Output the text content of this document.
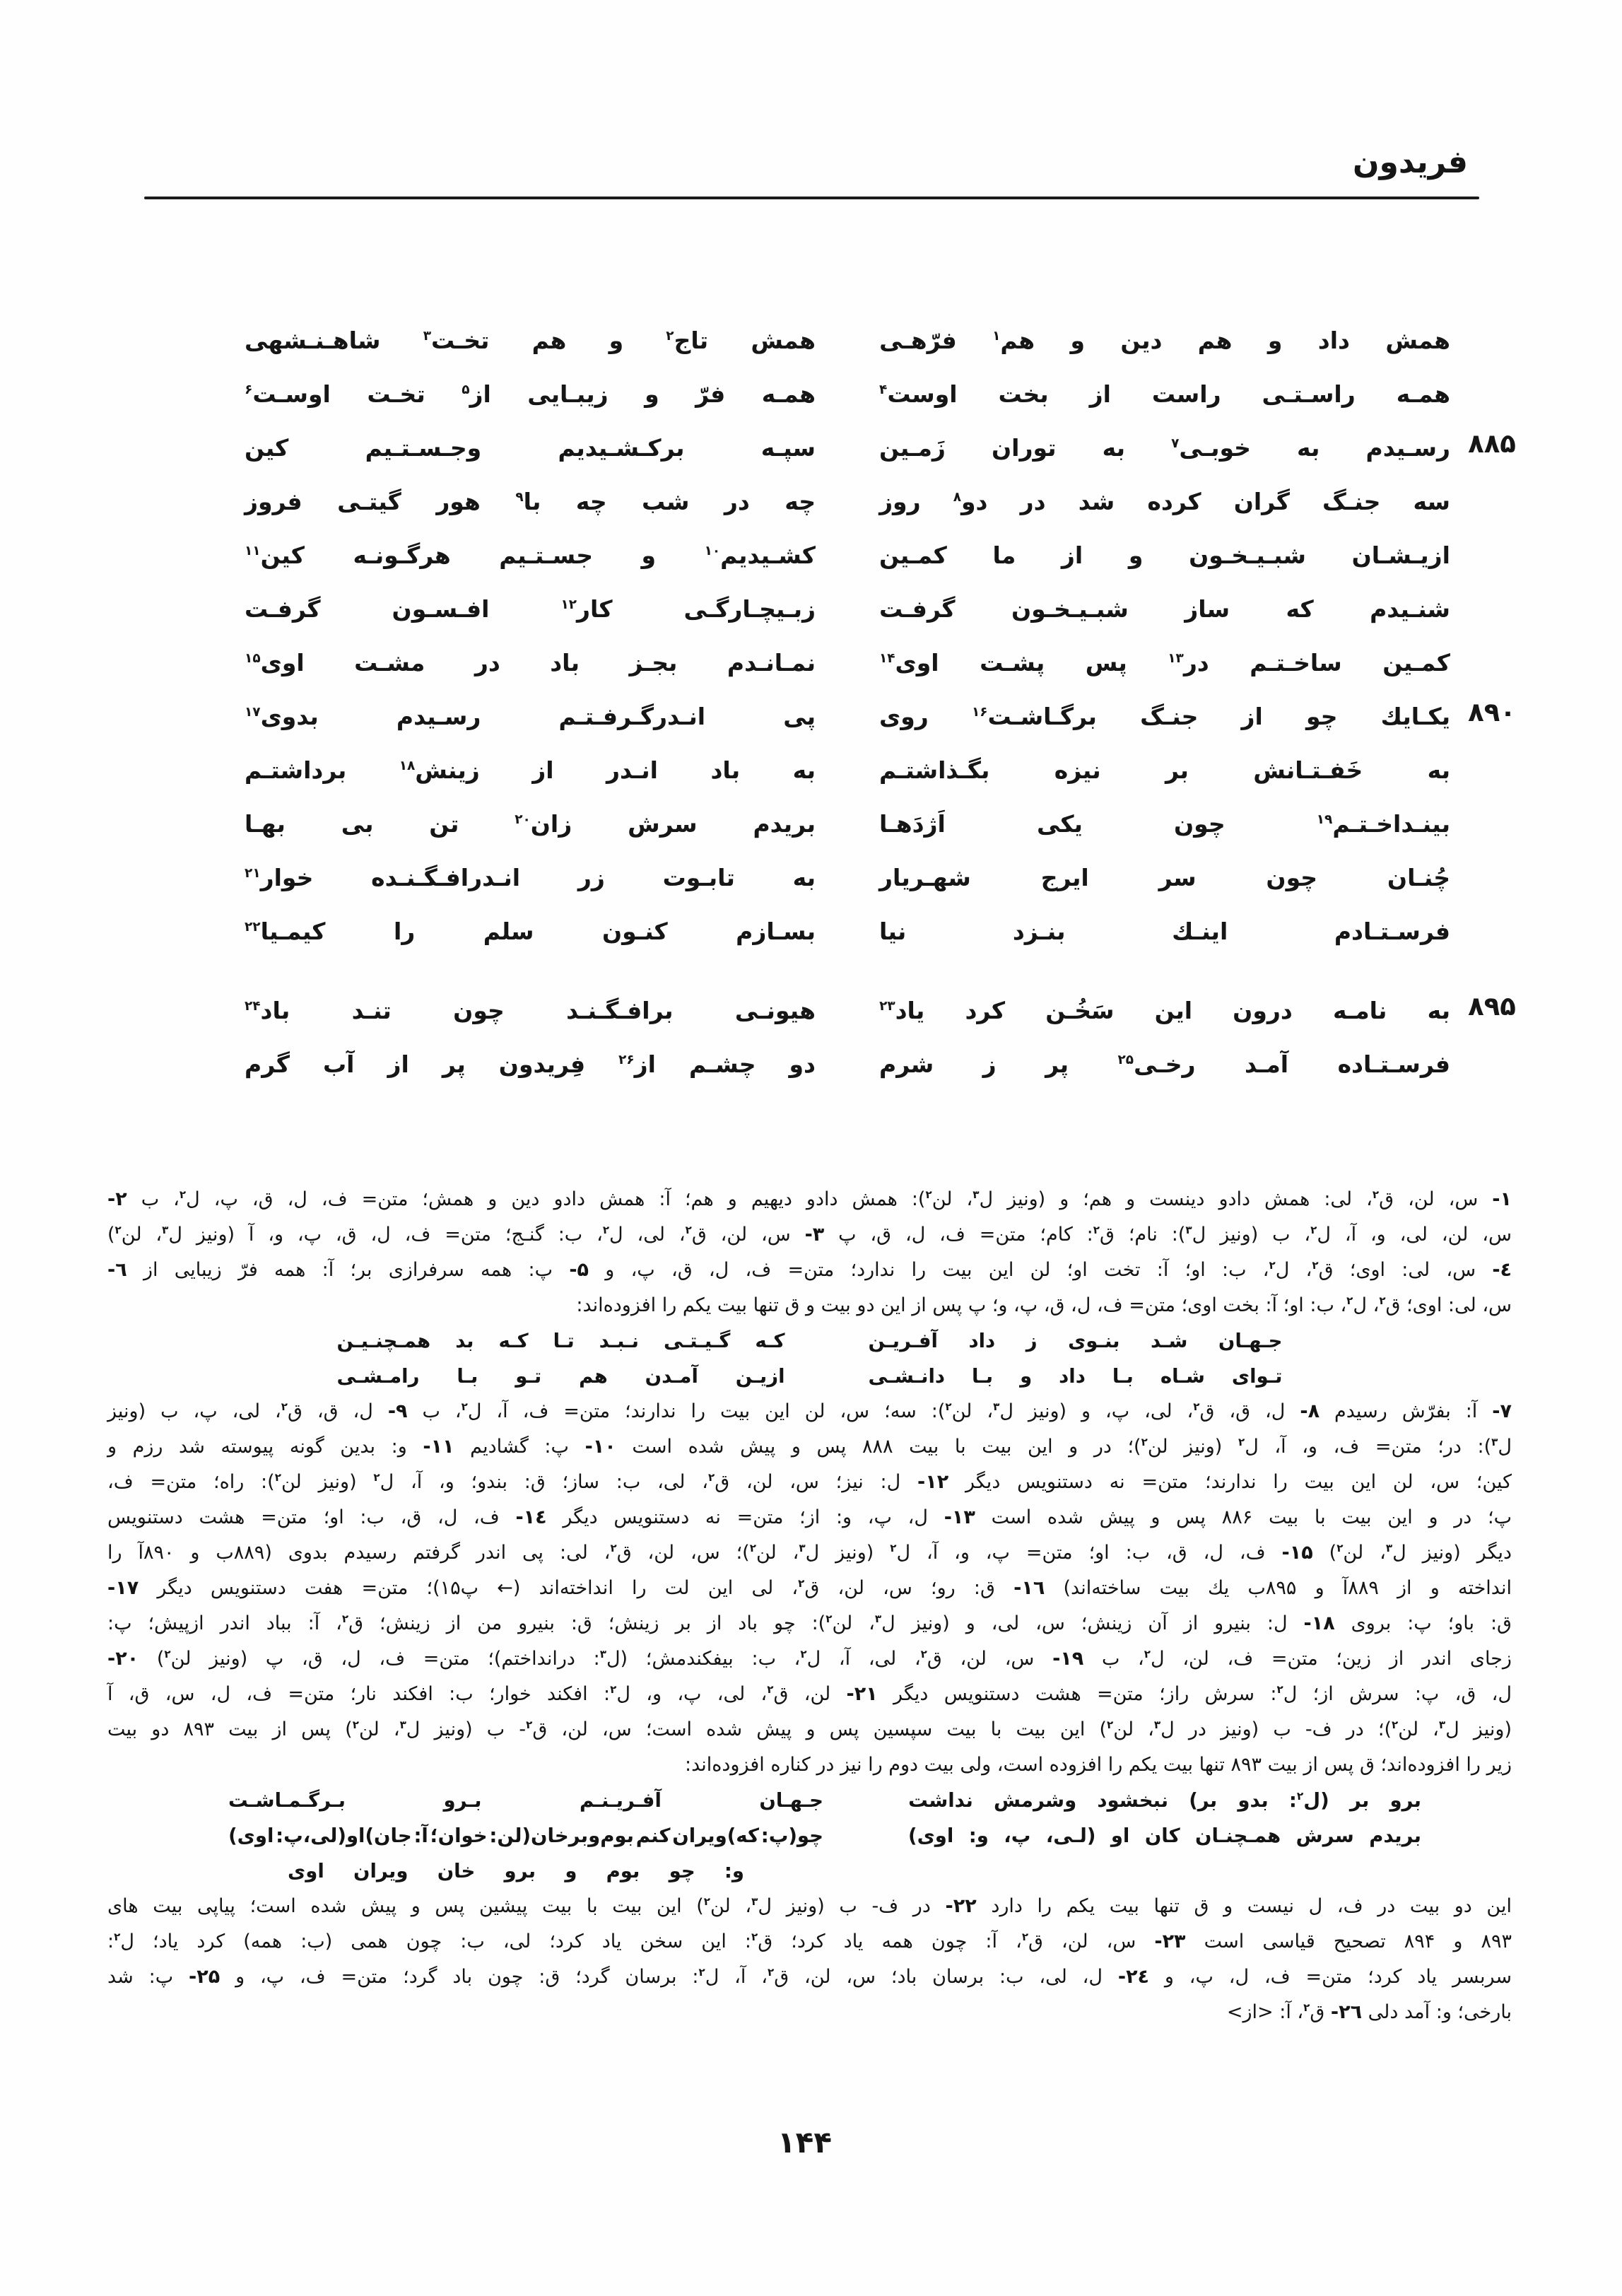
فریدون
همش
داد
و
هم
دین
و
هم$^۱$
فرّهـی
همش
تاج$^۲$
و
هم
تخـت$^۳$
شاهـنـشهی
همـه
راسـتـی
راست
از
بخت
اوست$^۴$
همـه
فرّ
و
زیبـایی
از$^۵$
تخـت
اوسـت$^۶$
۸۸۵
رسـیدم
به
خوبـی$^۷$
به
توران
زَمـین
سپـه
برکـشـیدیم
وجـسـتـیم
کین
سه
جنـگ
گران
کرده
شد
در
دو$^۸$
روز
چه
در
شب
چه
با$^۹$
هور
گیتـی
فروز
ازیـشـان
شبـیـخـون
و
از
ما
کمـین
کشـیدیم$^{۱۰}$
و
جسـتـیم
هرگـونـه
کین$^{۱۱}$
شنـیدم
که
ساز
شبـیـخـون
گرفـت
زبـیچـارگـی
کار$^{۱۲}$
افـسـون
گرفـت
کمـین
ساخـتـم
در$^{۱۳}$
پس
پشـت
اوی$^{۱۴}$
نمـانـدم
بجـز
باد
در
مشـت
اوی$^{۱۵}$
۸۹۰
یکـایك
چو
از
جنـگ
برگـاشـت$^{۱۶}$
روی
پی
انـدرگـرفـتـم
رسـیدم
بدوی$^{۱۷}$
به
خَفـتـانش
بر
نیزه
بگـذاشتـم
به
باد
انـدر
از
زینش$^{۱۸}$
برداشتـم
بینـداخـتـم$^{۱۹}$
چون
یکی
اَژدَهـا
بریدم
سرش
زان$^{۲۰}$
تن
بی
بهـا
چُنـان
چون
سر
ایرج
شهـریار
به
تابـوت
زر
انـدرافـگـنـده
خوار$^{۲۱}$
فرسـتـادم
اینـك
بنـزد
نیا
بسـازم
کنـون
سلم
را
کیمـیا$^{۲۲}$
۸۹۵
به
نامـه
درون
این
سَخُـن
کرد
یاد$^{۲۳}$
هیونـی
برافـگـنـد
چون
تنـد
باد$^{۲۴}$
فرسـتـاده
آمـد
رخـی$^{۲۵}$
پر
ز
شرم
دو
چشـم
از$^{۲۶}$
فِریدون
پر
از
آب
گرم
۱- س، لن، ق$^۲$، لی: همش دادو دینست و هم؛ و (ونیز ل$^۳$، لن$^۲$): همش دادو دیهیم و هم؛ آ: همش دادو دین و همش؛ متن= ف، ل، ق، پ، ل$^۲$، ب ۲-
س، لن، لی، و، آ، ل$^۲$، ب (ونیز ل$^۳$): نام؛ ق$^۲$: کام؛ متن= ف، ل، ق، پ ۳- س، لن، ق$^۲$، لی، ل$^۲$، ب: گنـج؛ متن= ف، ل، ق، پ، و، آ (ونیز ل$^۳$، لن$^۲$)
٤- س، لی: اوی؛ ق$^۲$، ل$^۲$، ب: او؛ آ: تخت او؛ لن این بیت را ندارد؛ متن= ف، ل، ق، پ، و ۵- پ: همه سرفرازی بر؛ آ: همه فرّ زیبایی از ٦-
س، لی: اوی؛ ق$^۲$، ل$^۲$، ب: او؛ آ: بخت اوی؛ متن= ف، ل، ق، پ، و؛ پ پس از این دو بیت و ق تنها بیت یکم را افزوده‌اند:
جـهـان
شـد
بنـوی
ز
داد
آفـریـن
کـه
گـیـتـی
نـبـد
تـا
کـه
بد
همـچنـیـن
تـوای
شـاه
بـا
داد
و
بـا
دانـشـی
ازیـن
آمـدن
هم
تـو
بـا
رامـشـی
۷- آ: بفرّش رسیدم ۸- ل، ق، ق$^۲$، لی، پ، و (ونیز ل$^۳$، لن$^۲$): سه؛ س، لن این بیت را ندارند؛ متن= ف، آ، ل$^۲$، ب ۹- ل، ق، ق$^۲$، لی، پ، ب (ونیز
ل$^۳$): در؛ متن= ف، و، آ، ل$^۲$ (ونیز لن$^۲$)؛ در و این بیت با بیت ۸۸۸ پس و پیش شده است ۱۰- پ: گشادیم ۱۱- و: بدین گونه پیوسته شد رزم و
کین؛ س، لن این بیت را ندارند؛ متن= نه دستنویس دیگر ۱۲- ل: نیز؛ س، لن، ق$^۲$، لی، ب: ساز؛ ق: بندو؛ و، آ، ل$^۲$ (ونیز لن$^۲$): راه؛ متن= ف،
پ؛ در و این بیت با بیت ۸۸۶ پس و پیش شده است ۱۳- ل، پ، و: از؛ متن= نه دستنویس دیگر ۱٤- ف، ل، ق، ب: او؛ متن= هشت دستنویس
دیگر (ونیز ل$^۳$، لن$^۲$) ۱۵- ف، ل، ق، ب: او؛ متن= پ، و، آ، ل$^۲$ (ونیز ل$^۳$، لن$^۲$)؛ س، لن، ق$^۲$، لی: پی اندر گرفتم رسیدم بدوی (۸۸۹ب و ۸۹۰آ را
انداخته و از ۸۸۹آ و ۸۹۵ب یك بیت ساخته‌اند) ۱٦- ق: رو؛ س، لن، ق$^۲$، لی این لت را انداخته‌اند (← پ۱۵)؛ متن= هفت دستنویس دیگر ۱۷-
ق: باو؛ پ: بروی ۱۸- ل: بنیرو از آن زینش؛ س، لی، و (ونیز ل$^۳$، لن$^۲$): چو باد از بر زینش؛ ق: بنیرو من از زینش؛ ق$^۲$، آ: بباد اندر ازپیش؛ پ:
زجای اندر از زین؛ متن= ف، لن، ل$^۲$، ب ۱۹- س، لن، ق$^۲$، لی، آ، ل$^۲$، ب: بیفکندمش؛ (ل$^۳$: درانداختم)؛ متن= ف، ل، ق، پ (ونیز لن$^۲$) ۲۰-
ل، ق، پ: سرش از؛ ل$^۲$: سرش راز؛ متن= هشت دستنویس دیگر ۲۱- لن، ق$^۲$، لی، پ، و، ل$^۲$: افکند خوار؛ ب: افکند نار؛ متن= ف، ل، س، ق، آ
(ونیز ل$^۳$، لن$^۲$)؛ در ف- ب (ونیز در ل$^۳$، لن$^۲$) این بیت با بیت سپسین پس و پیش شده است؛ س، لن، ق$^۲$- ب (ونیز ل$^۳$، لن$^۲$) پس از بیت ۸۹۳ دو بیت
زیر را افزوده‌اند؛ ق پس از بیت ۸۹۳ تنها بیت یکم را افزوده است، ولی بیت دوم را نیز در کناره افزوده‌اند:
برو
بر
(ل$^۲$:
بدو
بر)
نبخشود
وشرمش
نداشت
جـهـان
آفـریـنـم
بـرو
بـرگـمـاشـت
بریدم
سرش
همـچنـان
کان
او
(لـی،
پ،
و:
اوی)
چو(پ:
که)ویران
کنم
بوم‌وبرخان(لن:
خوان؛
آ:
جان)او(لی،پ:
اوی)
و:
چو
بوم
و
برو
خان
ویران
اوی
این دو بیت در ف، ل نیست و ق تنها بیت یکم را دارد ۲۲- در ف- ب (ونیز ل$^۳$، لن$^۲$) این بیت با بیت پیشین پس و پیش شده است؛ پیاپی بیت های
۸۹۳ و ۸۹۴ تصحیح قیاسی است ۲۳- س، لن، ق$^۲$، آ: چون همه یاد کرد؛ ق$^۲$: این سخن یاد کرد؛ لی، ب: چون همی (ب: همه) کرد یاد؛ ل$^۲$:
سربسر یاد کرد؛ متن= ف، ل، پ، و ۲٤- ل، لی، ب: برسان باد؛ س، لن، ق$^۲$، آ، ل$^۲$: برسان گرد؛ ق: چون باد گرد؛ متن= ف، پ، و ۲۵- پ: شد
بارخی؛ و: آمد دلی ۲٦- ق$^۲$، آ: <از>
۱۴۴
